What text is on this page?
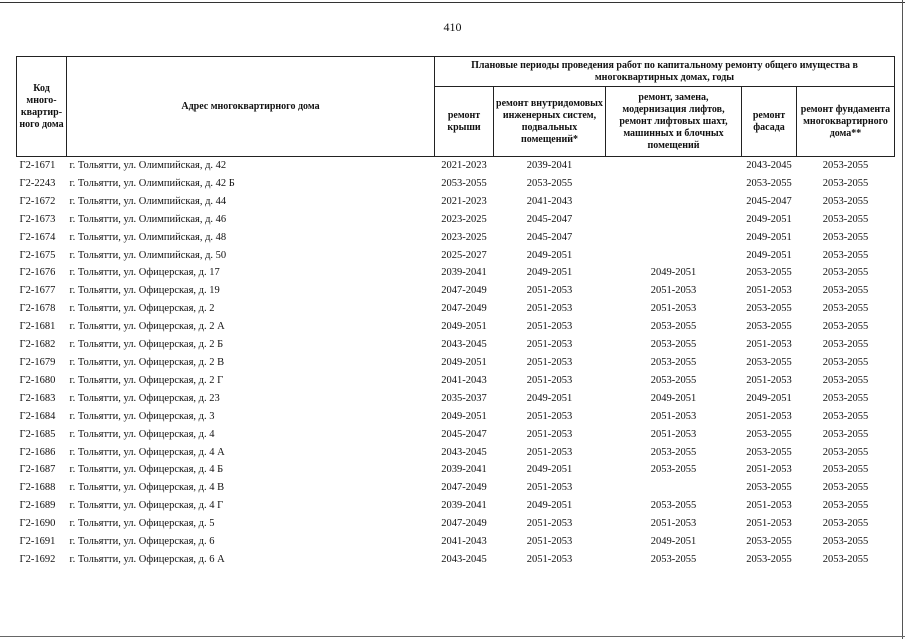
410
Код много-квартир-ного дома	Адрес многоквартирного дома	Плановые периоды проведения работ по капитальному ремонту общего имущества в многоквартирных домах, годы				
		ремонт крыши	ремонт внутридомовых инженерных систем, подвальных помещений*	ремонт, замена, модернизация лифтов, ремонт лифтовых шахт, машинных и блочных помещений	ремонт фасада	ремонт фундамента многоквартирного дома**
Г2-1671	г. Тольятти, ул. Олимпийская, д. 42	2021-2023	2039-2041		2043-2045	2053-2055
Г2-2243	г. Тольятти, ул. Олимпийская, д. 42 Б	2053-2055	2053-2055		2053-2055	2053-2055
Г2-1672	г. Тольятти, ул. Олимпийская, д. 44	2021-2023	2041-2043		2045-2047	2053-2055
Г2-1673	г. Тольятти, ул. Олимпийская, д. 46	2023-2025	2045-2047		2049-2051	2053-2055
Г2-1674	г. Тольятти, ул. Олимпийская, д. 48	2023-2025	2045-2047		2049-2051	2053-2055
Г2-1675	г. Тольятти, ул. Олимпийская, д. 50	2025-2027	2049-2051		2049-2051	2053-2055
Г2-1676	г. Тольятти, ул. Офицерская, д. 17	2039-2041	2049-2051	2049-2051	2053-2055	2053-2055
Г2-1677	г. Тольятти, ул. Офицерская, д. 19	2047-2049	2051-2053	2051-2053	2051-2053	2053-2055
Г2-1678	г. Тольятти, ул. Офицерская, д. 2	2047-2049	2051-2053	2051-2053	2053-2055	2053-2055
Г2-1681	г. Тольятти, ул. Офицерская, д. 2 А	2049-2051	2051-2053	2053-2055	2053-2055	2053-2055
Г2-1682	г. Тольятти, ул. Офицерская, д. 2 Б	2043-2045	2051-2053	2053-2055	2051-2053	2053-2055
Г2-1679	г. Тольятти, ул. Офицерская, д. 2 В	2049-2051	2051-2053	2053-2055	2053-2055	2053-2055
Г2-1680	г. Тольятти, ул. Офицерская, д. 2 Г	2041-2043	2051-2053	2053-2055	2051-2053	2053-2055
Г2-1683	г. Тольятти, ул. Офицерская, д. 23	2035-2037	2049-2051	2049-2051	2049-2051	2053-2055
Г2-1684	г. Тольятти, ул. Офицерская, д. 3	2049-2051	2051-2053	2051-2053	2051-2053	2053-2055
Г2-1685	г. Тольятти, ул. Офицерская, д. 4	2045-2047	2051-2053	2051-2053	2053-2055	2053-2055
Г2-1686	г. Тольятти, ул. Офицерская, д. 4 А	2043-2045	2051-2053	2053-2055	2053-2055	2053-2055
Г2-1687	г. Тольятти, ул. Офицерская, д. 4 Б	2039-2041	2049-2051	2053-2055	2051-2053	2053-2055
Г2-1688	г. Тольятти, ул. Офицерская, д. 4 В	2047-2049	2051-2053		2053-2055	2053-2055
Г2-1689	г. Тольятти, ул. Офицерская, д. 4 Г	2039-2041	2049-2051	2053-2055	2051-2053	2053-2055
Г2-1690	г. Тольятти, ул. Офицерская, д. 5	2047-2049	2051-2053	2051-2053	2051-2053	2053-2055
Г2-1691	г. Тольятти, ул. Офицерская, д. 6	2041-2043	2051-2053	2049-2051	2053-2055	2053-2055
Г2-1692	г. Тольятти, ул. Офицерская, д. 6 А	2043-2045	2051-2053	2053-2055	2053-2055	2053-2055
